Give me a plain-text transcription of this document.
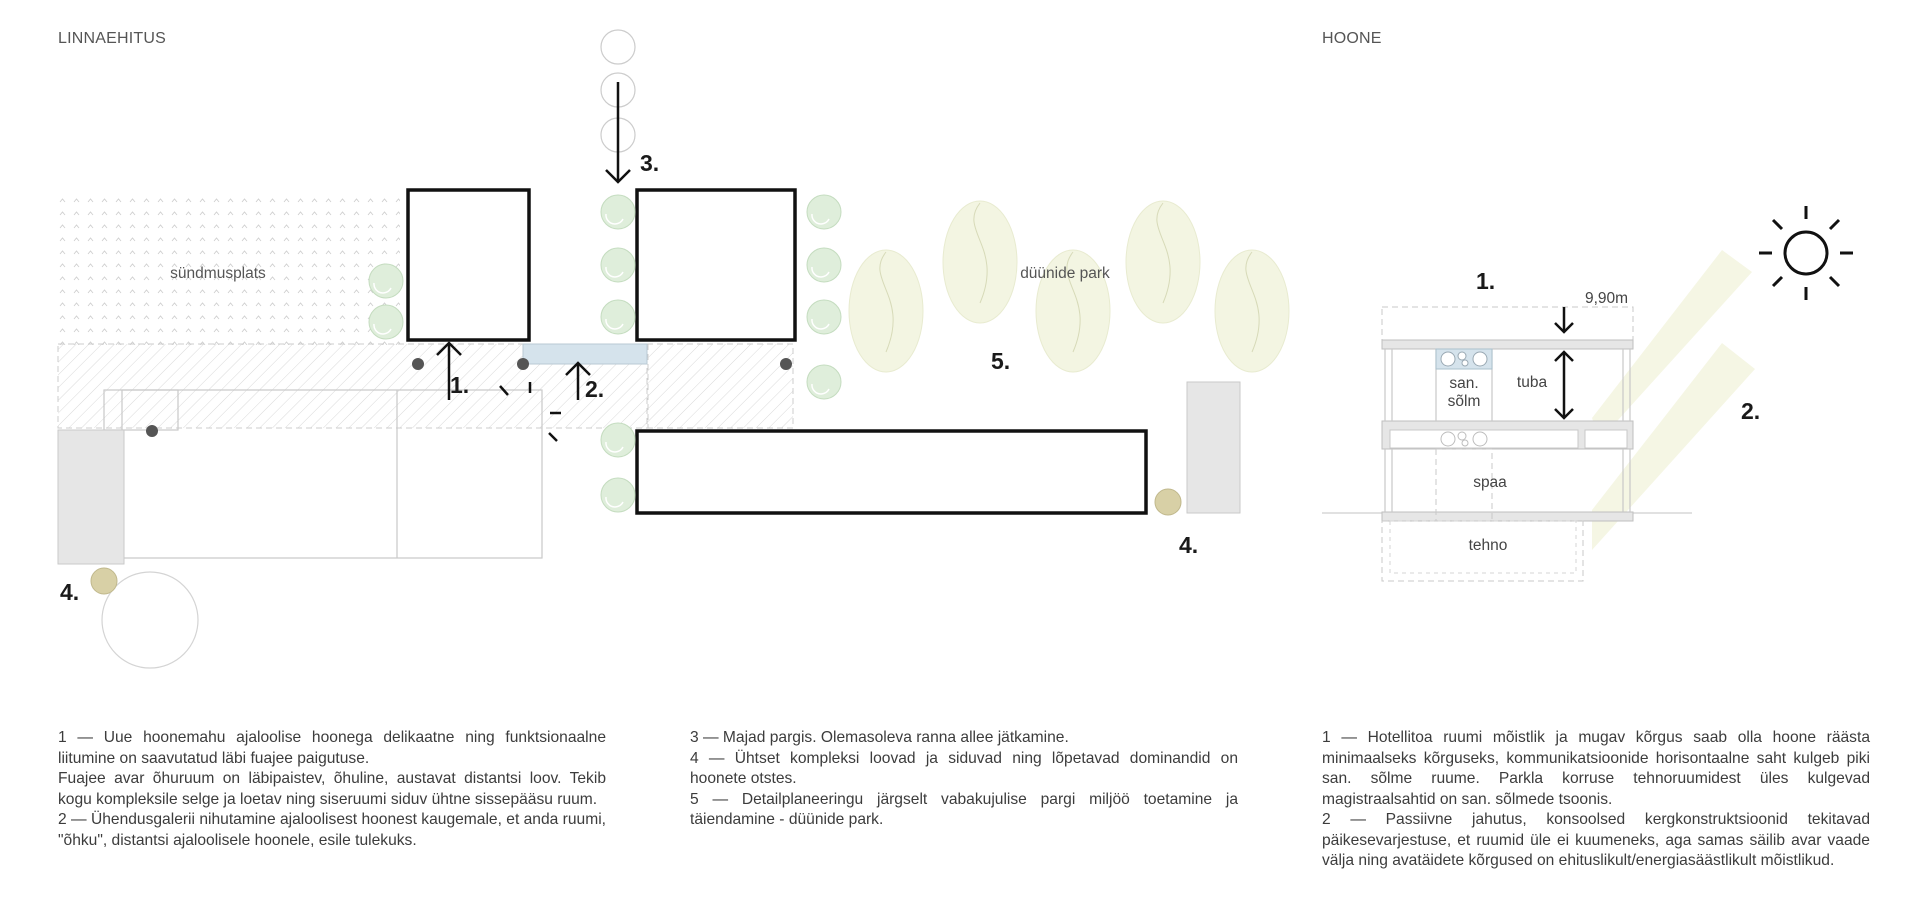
LINNAEHITUS	HOONE
sündmusplats	düünide park
1.	2.
3.
4.
4.
5.
9,90m
san.
sõlm
tuba
spaa
tehno
1.
2.

1 — Uue hoonemahu ajaloolise hoonega delikaatne ning funktsionaalne liitumine on saavutatud läbi fuajee paigutuse.

Fuajee avar õhuruum on läbipaistev, õhuline, austavat distantsi loov. Tekib kogu kompleksile selge ja loetav ning siseruumi siduv ühtne sissepääsu ruum.

2 — Ühendusgalerii nihutamine ajaloolisest hoonest kaugemale, et anda ruumi, "õhku", distantsi ajaloolisele hoonele, esile tulekuks.

3 — Majad pargis. Olemasoleva ranna allee jätkamine.

4 — Ühtset kompleksi loovad ja siduvad ning lõpetavad dominandid on hoonete otstes.

5 — Detailplaneeringu järgselt vabakujulise pargi miljöö toetamine ja täiendamine - düünide park.

1 — Hotellitoa ruumi mõistlik ja mugav kõrgus saab olla hoone räästa minimaalseks kõrguseks, kommunikatsioonide horisontaalne saht kulgeb piki san. sõlme ruume. Parkla korruse tehnoruumidest üles kulgevad magistraalsahtid on san. sõlmede tsoonis.

2 — Passiivne jahutus, konsoolsed kergkonstruktsioonid tekitavad päikesevarjestuse, et ruumid üle ei kuumeneks, aga samas säilib avar vaade välja ning avatäidete kõrgused on ehituslikult/energiasäästlikult mõistlikud.
